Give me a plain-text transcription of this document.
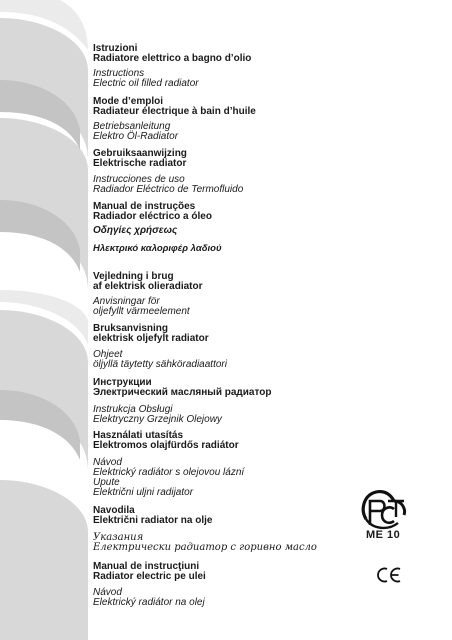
Istruzioni
Radiatore elettrico a bagno d’olio
Instructions
Electric oil filled radiator
Mode d’emploi
Radiateur électrique à bain d’huile
Betriebsanleitung
Elektro Öl-Radiator
Gebruiksaanwijzing
Elektrische radiator
Instrucciones de uso
Radiador Eléctrico de Termofluido
Manual de instruções
Radiador eléctrico a óleo
Οδηγίες χρήσεως
Ηλεκτρικό καλοριφέρ λαδιού
Vejledning i brug
af elektrisk olieradiator
Anvisningar för
oljefyllt värmeelement
Bruksanvisning
elektrisk oljefylt radiator
Ohjeet
öljyllä täytetty sähköradiaattori
Инструкции
Электрический масляный радиатор
Instrukcja Obsługi
Elektryczny Grzejnik Olejowy
Használati utasítás
Elektromos olajfürdős radiátor
Návod
Elektrický radiátor s olejovou lázní
Upute
Električni uljni radijator
Navodila
Električni radiator na olje
Указания
Електрически радиатор с горивно масло
Manual de instrucţiuni
Radiator electric pe ulei
Návod
Elektrický radiátor na olej
ME 10
